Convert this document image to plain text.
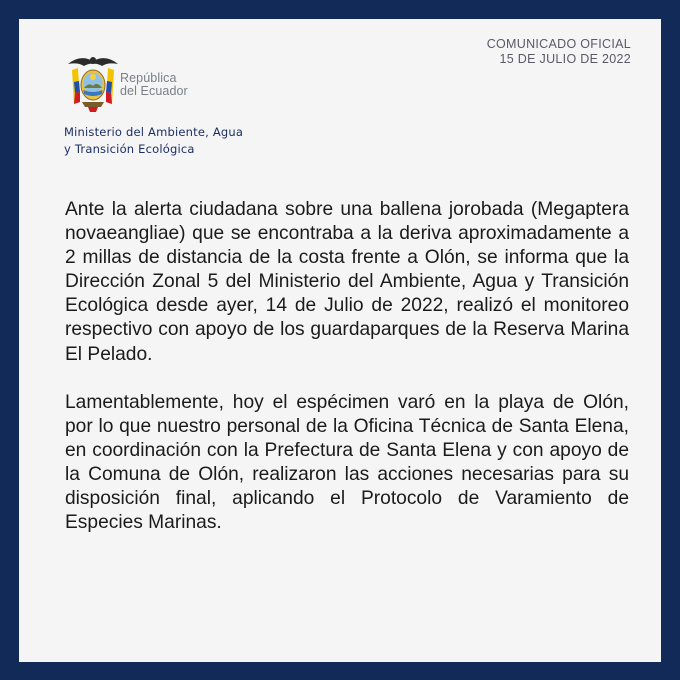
COMUNICADO OFICIAL
15 DE JULIO DE 2022
República
del Ecuador
Ministerio del Ambiente, Agua
y Transición Ecológica

Ante la alerta ciudadana sobre una ballena jorobada (Megaptera novaeangliae) que se encontraba a la deriva aproximadamente a 2 millas de distancia de la costa frente a Olón, se informa que la Dirección Zonal 5 del Ministerio del Ambiente, Agua y Transición Ecológica desde ayer, 14 de Julio de 2022, realizó el monitoreo respectivo con apoyo de los guardaparques de la Reserva Marina El Pelado.

Lamentablemente, hoy el espécimen varó en la playa de Olón, por lo que nuestro personal de la Oficina Técnica de Santa Elena, en coordinación con la Prefectura de Santa Elena y con apoyo de la Comuna de Olón, realizaron las acciones necesarias para su disposición final, aplicando el Protocolo de Varamiento de Especies Marinas.
